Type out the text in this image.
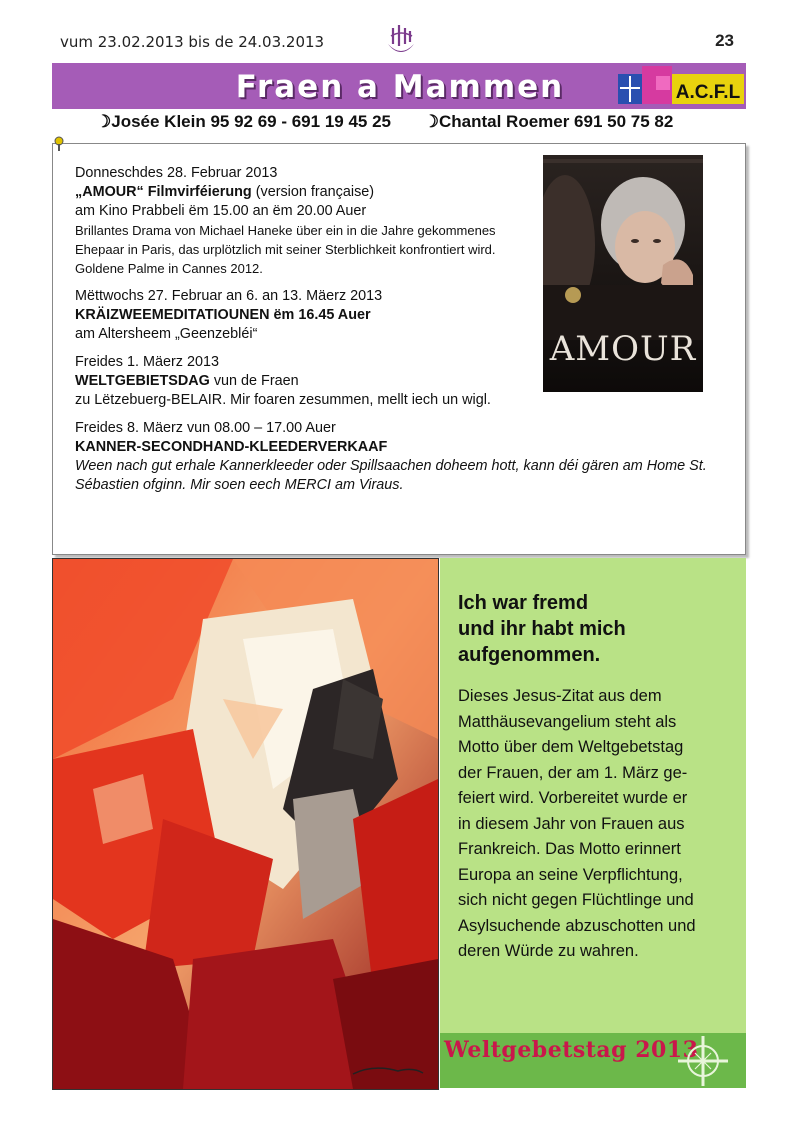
vum 23.02.2013 bis de 24.03.2013	23
Fraen a Mammen	A.C.F.L
☽Josée Klein 95 92 69 - 691 19 45 25 ☽Chantal Roemer 691 50 75 82
Donneschdes 28. Februar 2013
„AMOUR“ Filmvirféierung (version française)
am Kino Prabbeli ëm 15.00 an ëm 20.00 Auer
Brillantes Drama von Michael Haneke über ein in die Jahre gekommenes
Ehepaar in Paris, das urplötzlich mit seiner Sterblichkeit konfrontiert wird.
Goldene Palme in Cannes 2012.
Mëttwochs 27. Februar an 6. an 13. Mäerz 2013
KRÄIZWEEMEDITATIOUNEN ëm 16.45 Auer
am Altersheem „Geenzebléi“
Freides 1. Mäerz 2013
WELTGEBIETSDAG vun de Fraen
zu Lëtzebuerg-BELAIR. Mir foaren zesummen, mellt iech un wigl.
Freides 8. Mäerz vun 08.00 – 17.00 Auer
KANNER-SECONDHAND-KLEEDERVERKAAF
Ween nach gut erhale Kannerkleeder oder Spillsaachen doheem hott, kann déi gären am Home St. Sébastien ofginn. Mir soen eech MERCI am Viraus.
AMOUR
Ich war fremd
und ihr habt mich
aufgenommen.
Dieses Jesus-Zitat aus dem
Matthäusevangelium steht als
Motto über dem Weltgebetstag
der Frauen, der am 1. März ge-
feiert wird. Vorbereitet wurde er
in diesem Jahr von Frauen aus
Frankreich. Das Motto erinnert
Europa an seine Verpflichtung,
sich nicht gegen Flüchtlinge und
Asylsuchende abzuschotten und
deren Würde zu wahren.
Weltgebetstag 2013
